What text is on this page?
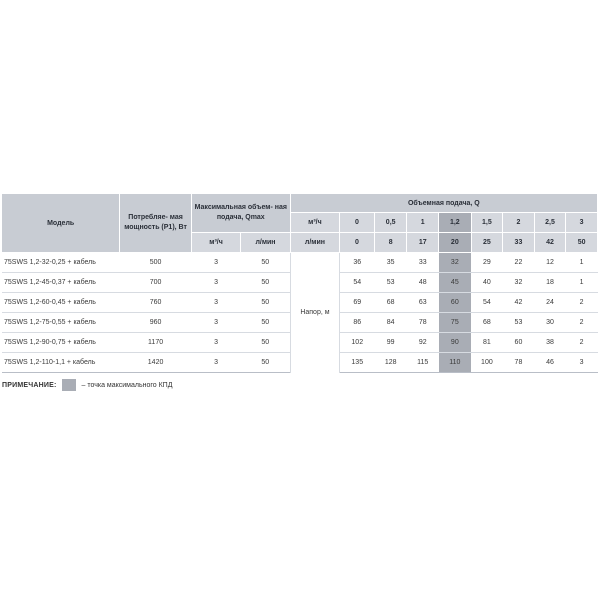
Модель	Потребляе- мая мощность (P1), Вт	Максимальная объем- ная подача, Qmax		Объемная подача, Q								
				м³/ч	0	0,5	1	1,2	1,5	2	2,5	3
		м³/ч	л/мин	л/мин	0	8	17	20	25	33	42	50
75SWS 1,2-32-0,25 + кабель	500	3	50	Напор, м	36	35	33	32	29	22	12	1
75SWS 1,2-45-0,37 + кабель	700	3	50		54	53	48	45	40	32	18	1
75SWS 1,2-60-0,45 + кабель	760	3	50		69	68	63	60	54	42	24	2
75SWS 1,2-75-0,55 + кабель	960	3	50		86	84	78	75	68	53	30	2
75SWS 1,2-90-0,75 + кабель	1170	3	50		102	99	92	90	81	60	38	2
75SWS 1,2-110-1,1 + кабель	1420	3	50		135	128	115	110	100	78	46	3
ПРИМЕЧАНИЕ:	– точка максимального КПД
